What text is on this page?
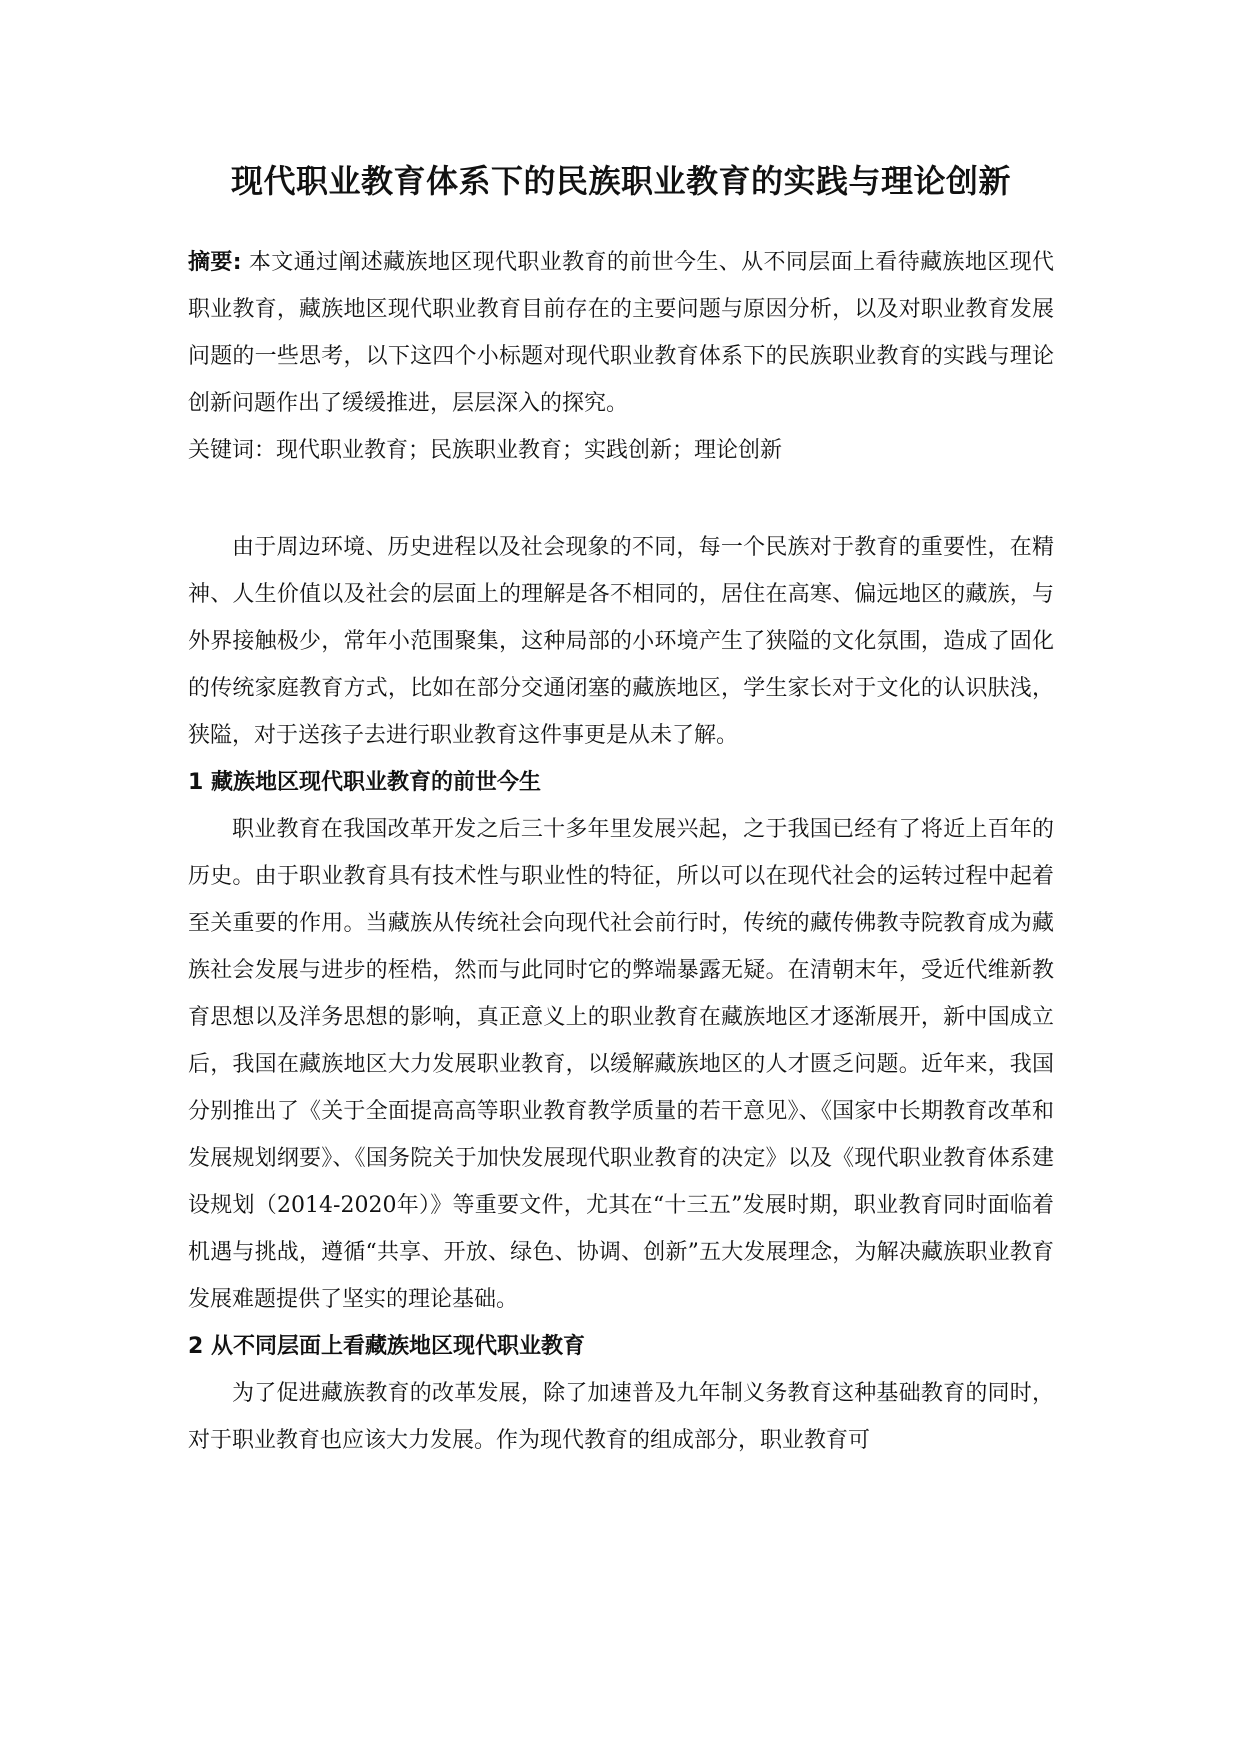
现代职业教育体系下的民族职业教育的实践与理论创新

摘要: 本文通过阐述藏族地区现代职业教育的前世今生、从不同层面上看待藏族地区现代职业教育，藏族地区现代职业教育目前存在的主要问题与原因分析，以及对职业教育发展问题的一些思考，以下这四个小标题对现代职业教育体系下的民族职业教育的实践与理论创新问题作出了缓缓推进，层层深入的探究。

关键词：现代职业教育；民族职业教育；实践创新；理论创新

由于周边环境、历史进程以及社会现象的不同，每一个民族对于教育的重要性，在精神、人生价值以及社会的层面上的理解是各不相同的，居住在高寒、偏远地区的藏族，与外界接触极少，常年小范围聚集，这种局部的小环境产生了狭隘的文化氛围，造成了固化的传统家庭教育方式，比如在部分交通闭塞的藏族地区，学生家长对于文化的认识肤浅，狭隘，对于送孩子去进行职业教育这件事更是从未了解。

1 藏族地区现代职业教育的前世今生

职业教育在我国改革开发之后三十多年里发展兴起，之于我国已经有了将近上百年的历史。由于职业教育具有技术性与职业性的特征，所以可以在现代社会的运转过程中起着至关重要的作用。当藏族从传统社会向现代社会前行时，传统的藏传佛教寺院教育成为藏族社会发展与进步的桎梏，然而与此同时它的弊端暴露无疑。在清朝末年，受近代维新教育思想以及洋务思想的影响，真正意义上的职业教育在藏族地区才逐渐展开，新中国成立后，我国在藏族地区大力发展职业教育，以缓解藏族地区的人才匮乏问题。近年来，我国分别推出了《关于全面提高高等职业教育教学质量的若干意见》、《国家中长期教育改革和发展规划纲要》、《国务院关于加快发展现代职业教育的决定》以及《现代职业教育体系建设规划（2014-2020年）》等重要文件，尤其在“十三五”发展时期，职业教育同时面临着机遇与挑战，遵循“共享、开放、绿色、协调、创新”五大发展理念，为解决藏族职业教育发展难题提供了坚实的理论基础。

2 从不同层面上看藏族地区现代职业教育

为了促进藏族教育的改革发展，除了加速普及九年制义务教育这种基础教育的同时，对于职业教育也应该大力发展。作为现代教育的组成部分，职业教育可
